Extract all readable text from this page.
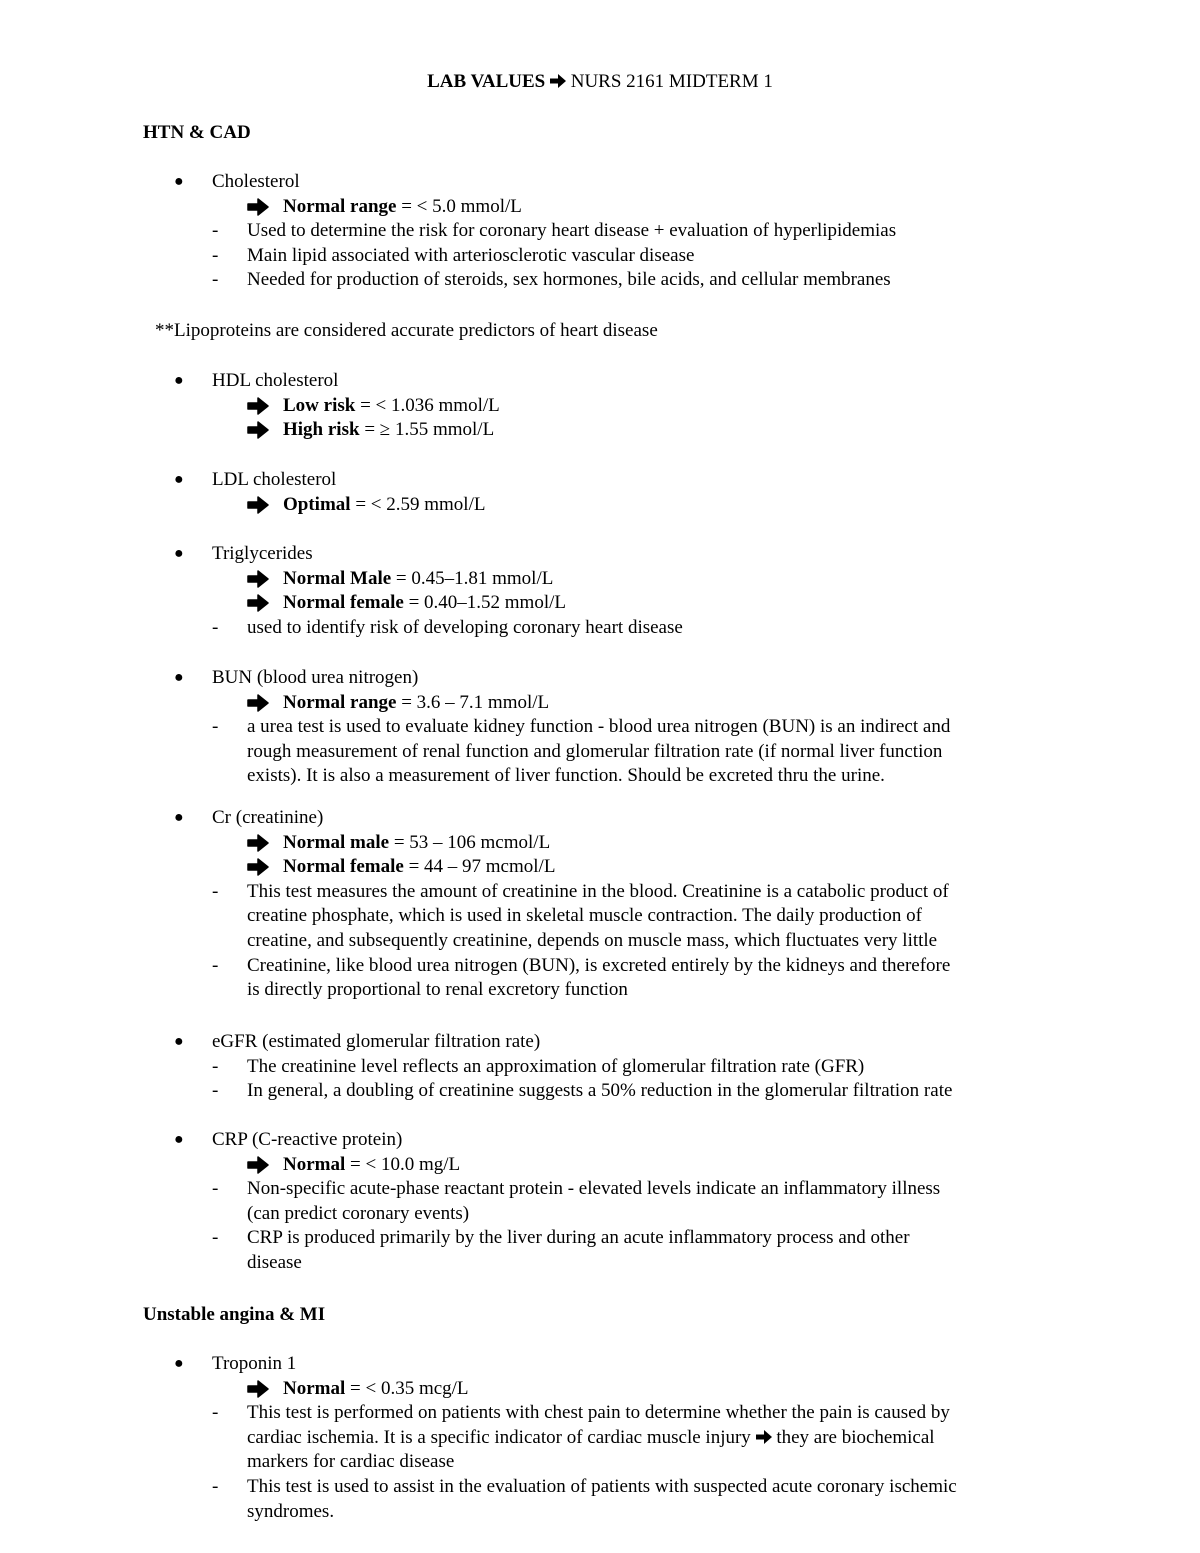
LAB VALUES NURS 2161 MIDTERM 1
HTN & CAD
Unstable angina & MI
**Lipoproteins are considered accurate predictors of heart disease
● Cholesterol
Normal range = < 5.0 mmol/L
- Used to determine the risk for coronary heart disease + evaluation of hyperlipidemias
- Main lipid associated with arteriosclerotic vascular disease
- Needed for production of steroids, sex hormones, bile acids, and cellular membranes
● HDL cholesterol
Low risk = < 1.036 mmol/L
High risk = ≥ 1.55 mmol/L
● LDL cholesterol
Optimal = < 2.59 mmol/L
● Triglycerides
Normal Male = 0.45–1.81 mmol/L
Normal female = 0.40–1.52 mmol/L
- used to identify risk of developing coronary heart disease
● BUN (blood urea nitrogen)
Normal range = 3.6 – 7.1 mmol/L
- a urea test is used to evaluate kidney function - blood urea nitrogen (BUN) is an indirect and
rough measurement of renal function and glomerular filtration rate (if normal liver function
exists). It is also a measurement of liver function. Should be excreted thru the urine.
● Cr (creatinine)
Normal male = 53 – 106 mcmol/L
Normal female = 44 – 97 mcmol/L
- This test measures the amount of creatinine in the blood. Creatinine is a catabolic product of
creatine phosphate, which is used in skeletal muscle contraction. The daily production of
creatine, and subsequently creatinine, depends on muscle mass, which fluctuates very little
- Creatinine, like blood urea nitrogen (BUN), is excreted entirely by the kidneys and therefore
is directly proportional to renal excretory function
● eGFR (estimated glomerular filtration rate)
- The creatinine level reflects an approximation of glomerular filtration rate (GFR)
- In general, a doubling of creatinine suggests a 50% reduction in the glomerular filtration rate
● CRP (C-reactive protein)
Normal = < 10.0 mg/L
- Non-specific acute-phase reactant protein - elevated levels indicate an inflammatory illness
(can predict coronary events)
- CRP is produced primarily by the liver during an acute inflammatory process and other
disease
● Troponin 1
Normal = < 0.35 mcg/L
- This test is performed on patients with chest pain to determine whether the pain is caused by
cardiac ischemia. It is a specific indicator of cardiac muscle injury  they are biochemical
markers for cardiac disease
- This test is used to assist in the evaluation of patients with suspected acute coronary ischemic
syndromes.
